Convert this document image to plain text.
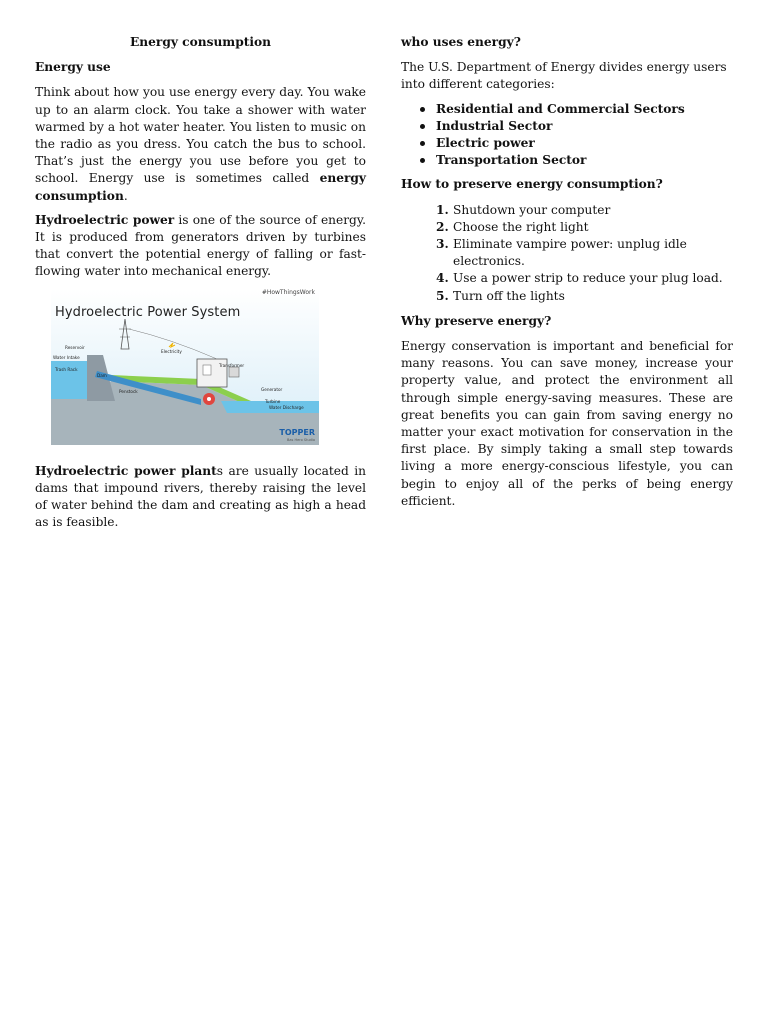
Energy consumption

Energy use

Think about how you use energy every day. You wake up to an alarm clock. You take a shower with water warmed by a hot water heater. You listen to music on the radio as you dress. You catch the bus to school. That’s just the energy you use before you get to school. Energy use is sometimes called energy consumption.

Hydroelectric power is one of the source of energy. It is produced from generators driven by turbines that convert the potential energy of falling or fast-flowing water into mechanical energy.

#HowThingsWork
Hydroelectric Power System
Reservoir
Water Intake
Trash Rack
Dam
Penstock
Electricity
Transformer
Generator
Turbine
Water Discharge
TOPPER
Bas Hero Studio

Hydroelectric power plants are usually located in dams that impound rivers, thereby raising the level of water behind the dam and creating as high a head as is feasible.

who uses energy?

The U.S. Department of Energy divides energy users into different categories:

Residential and Commercial Sectors
Industrial Sector
Electric power
Transportation Sector

How to preserve energy consumption?

1. Shutdown your computer
2. Choose the right light
3. Eliminate vampire power: unplug idle electronics.
4. Use a power strip to reduce your plug load.
5. Turn off the lights

Why preserve energy?

Energy conservation is important and beneficial for many reasons. You can save money, increase your property value, and protect the environment all through simple energy-saving measures. These are great benefits you can gain from saving energy no matter your exact motivation for conservation in the first place. By simply taking a small step towards living a more energy-conscious lifestyle, you can begin to enjoy all of the perks of being energy efficient.
